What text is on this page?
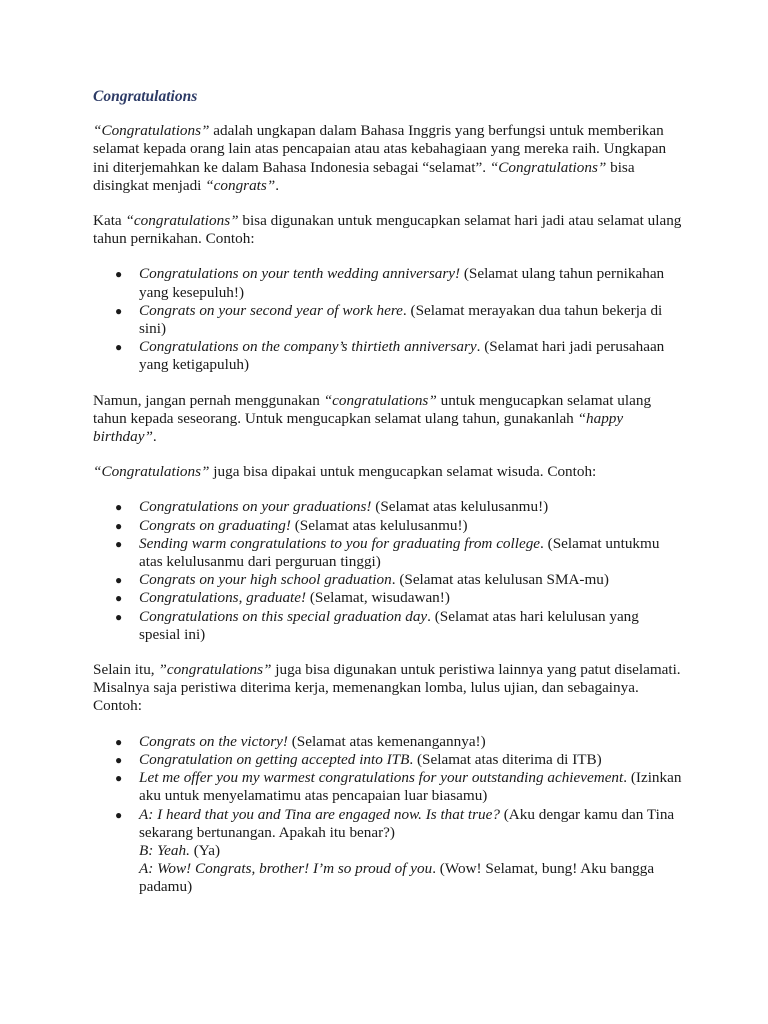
Congratulations

“Congratulations” adalah ungkapan dalam Bahasa Inggris yang berfungsi untuk memberikan selamat kepada orang lain atas pencapaian atau atas kebahagiaan yang mereka raih. Ungkapan ini diterjemahkan ke dalam Bahasa Indonesia sebagai “selamat”. “Congratulations” bisa disingkat menjadi “congrats”.

Kata “congratulations” bisa digunakan untuk mengucapkan selamat hari jadi atau selamat ulang tahun pernikahan. Contoh:

● Congratulations on your tenth wedding anniversary! (Selamat ulang tahun pernikahan yang kesepuluh!)
● Congrats on your second year of work here. (Selamat merayakan dua tahun bekerja di sini)
● Congratulations on the company’s thirtieth anniversary. (Selamat hari jadi perusahaan yang ketigapuluh)

Namun, jangan pernah menggunakan “congratulations” untuk mengucapkan selamat ulang tahun kepada seseorang. Untuk mengucapkan selamat ulang tahun, gunakanlah “happy birthday”.

“Congratulations” juga bisa dipakai untuk mengucapkan selamat wisuda. Contoh:

● Congratulations on your graduations! (Selamat atas kelulusanmu!)
● Congrats on graduating! (Selamat atas kelulusanmu!)
● Sending warm congratulations to you for graduating from college. (Selamat untukmu atas kelulusanmu dari perguruan tinggi)
● Congrats on your high school graduation. (Selamat atas kelulusan SMA-mu)
● Congratulations, graduate! (Selamat, wisudawan!)
● Congratulations on this special graduation day. (Selamat atas hari kelulusan yang spesial ini)

Selain itu, ”congratulations” juga bisa digunakan untuk peristiwa lainnya yang patut diselamati. Misalnya saja peristiwa diterima kerja, memenangkan lomba, lulus ujian, dan sebagainya. Contoh:

● Congrats on the victory! (Selamat atas kemenangannya!)
● Congratulation on getting accepted into ITB. (Selamat atas diterima di ITB)
● Let me offer you my warmest congratulations for your outstanding achievement. (Izinkan aku untuk menyelamatimu atas pencapaian luar biasamu)
● A: I heard that you and Tina are engaged now. Is that true? (Aku dengar kamu dan Tina sekarang bertunangan. Apakah itu benar?)
B: Yeah. (Ya)
A: Wow! Congrats, brother! I’m so proud of you. (Wow! Selamat, bung! Aku bangga padamu)
